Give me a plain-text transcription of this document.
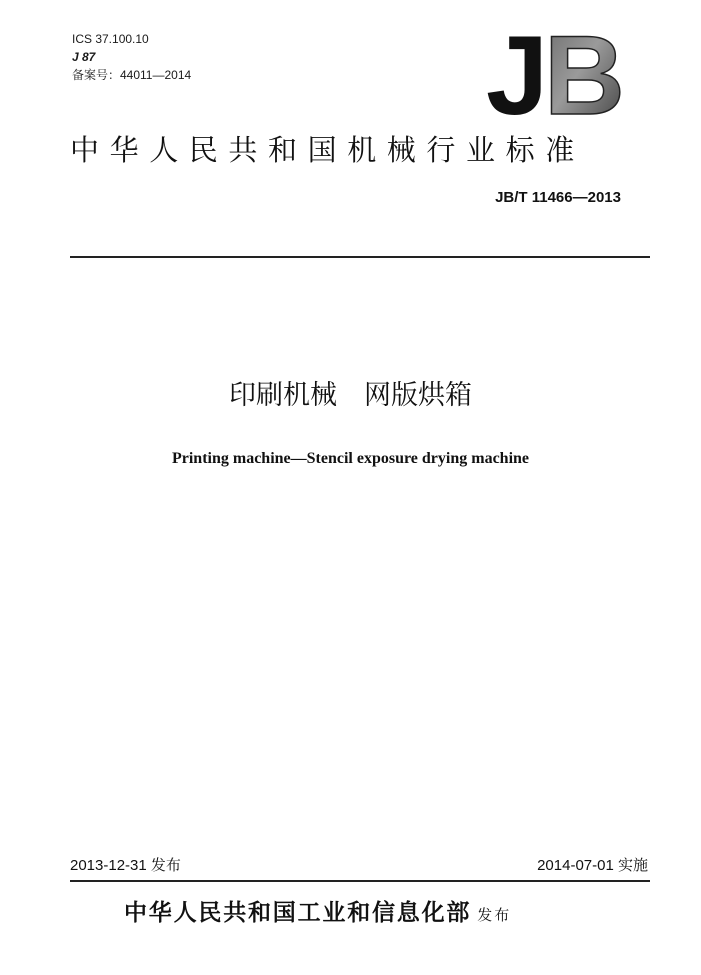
ICS 37.100.10
J 87
备案号：44011—2014	J B
中华人民共和国机械行业标准
JB/T 11466—2013
印刷机械　网版烘箱
Printing machine—Stencil exposure drying machine
2013-12-31 发布	2014-07-01 实施
中华人民共和国工业和信息化部 发布
